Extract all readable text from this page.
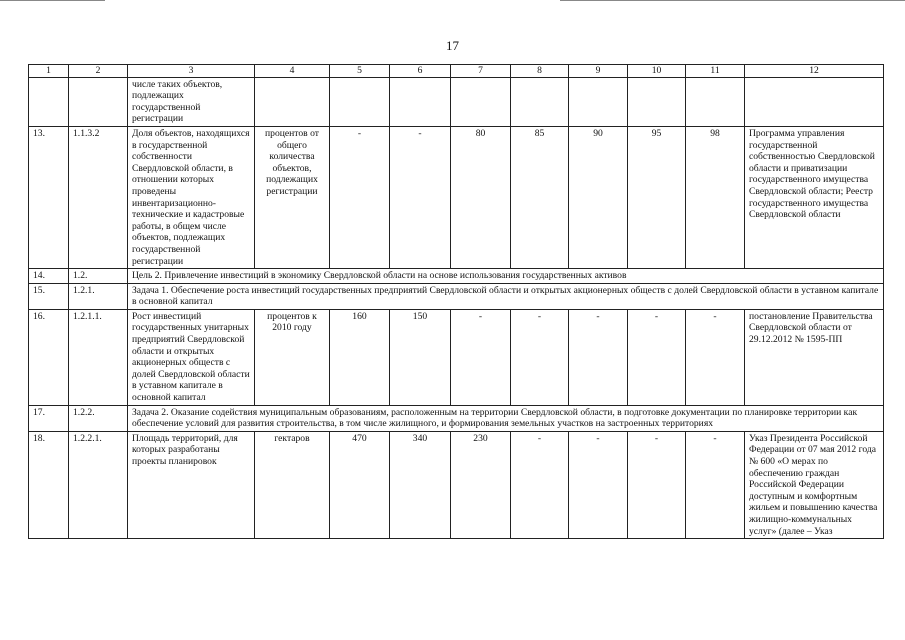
17
1	2	3	4	5	6	7	8	9	10	11	12
		числе таких объектов, подлежащих государственной регистрации									
13.	1.1.3.2	Доля объектов, находящихся в государственной собственности Свердловской области, в отношении которых проведены инвентаризационно-технические и кадастровые работы, в общем числе объектов, подлежащих государственной регистрации	процентов от общего количества объектов, подлежащих регистрации	-	-	80	85	90	95	98	Программа управления государственной собственностью Свердловской области и приватизации государственного имущества Свердловской области; Реестр государственного имущества Свердловской области
14.	1.2.	Цель 2. Привлечение инвестиций в экономику Свердловской области на основе использования государственных активов									
15.	1.2.1.	Задача 1. Обеспечение роста инвестиций государственных предприятий Свердловской области и открытых акционерных обществ с долей Свердловской области в уставном капитале в основной капитал									
16.	1.2.1.1.	Рост инвестиций государственных унитарных предприятий Свердловской области и открытых акционерных обществ с долей Свердловской области в уставном капитале в основной капитал	процентов к 2010 году	160	150	-	-	-	-	-	постановление Правительства Свердловской области от 29.12.2012 № 1595-ПП
17.	1.2.2.	Задача 2. Оказание содействия муниципальным образованиям, расположенным на территории Свердловской области, в подготовке документации по планировке территории как обеспечение условий для развития строительства, в том числе жилищного, и формирования земельных участков на застроенных территориях									
18.	1.2.2.1.	Площадь территорий, для которых разработаны проекты планировок	гектаров	470	340	230	-	-	-	-	Указ Президента Российской Федерации от 07 мая 2012 года № 600 «О мерах по обеспечению граждан Российской Федерации доступным и комфортным жильем и повышению качества жилищно-коммунальных услуг» (далее – Указ
